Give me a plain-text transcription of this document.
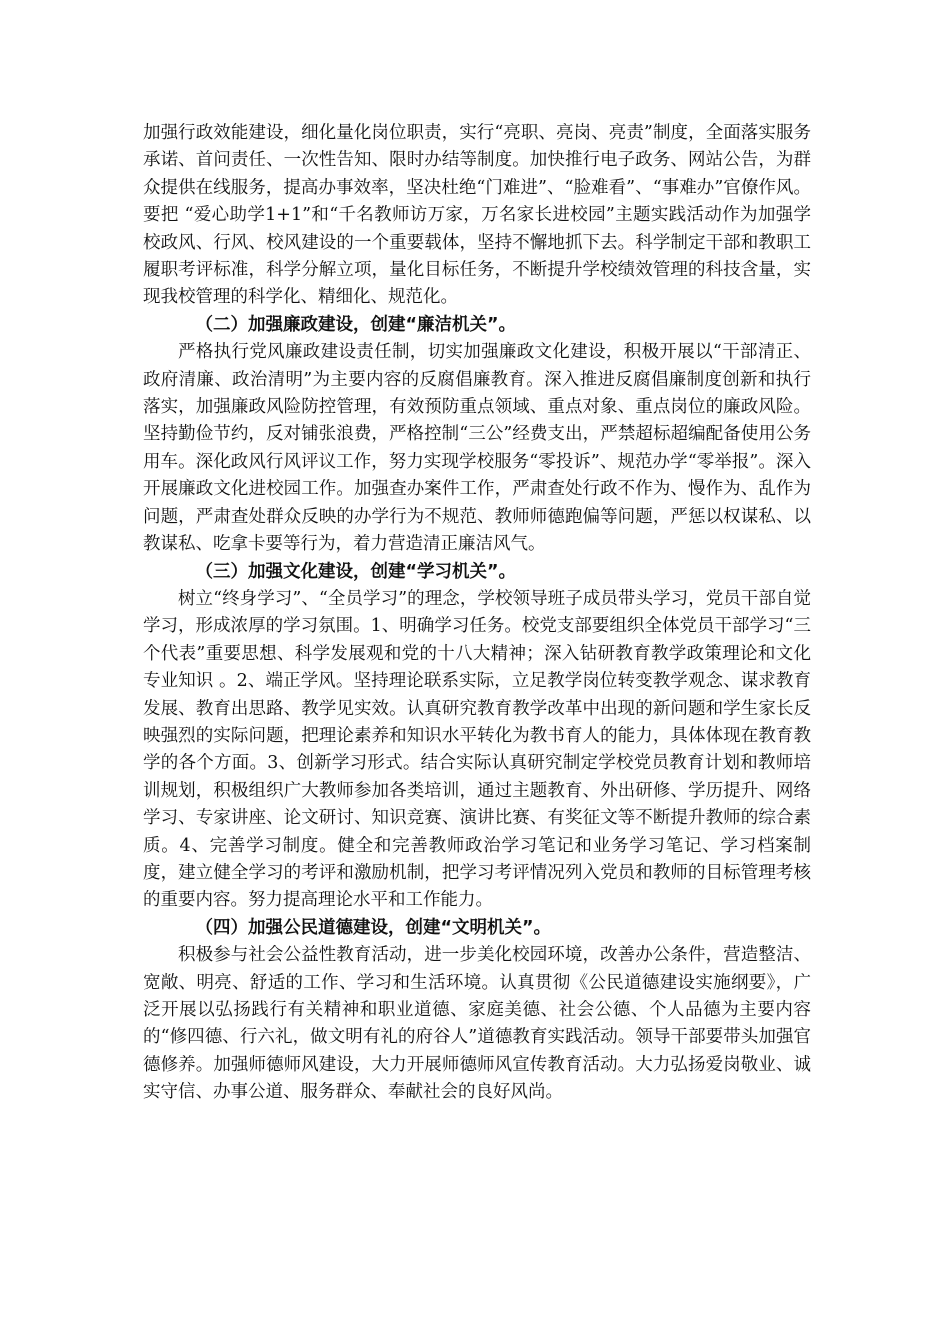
加强行政效能建设，细化量化岗位职责，实行“亮职、亮岗、亮责”制度，全面落实服务承诺、首问责任、一次性告知、限时办结等制度。加快推行电子政务、网站公告，为群众提供在线服务，提高办事效率，坚决杜绝“门难进”、“脸难看”、“事难办”官僚作风。要把 “爱心助学1+1”和“千名教师访万家，万名家长进校园”主题实践活动作为加强学校政风、行风、校风建设的一个重要载体，坚持不懈地抓下去。科学制定干部和教职工履职考评标准，科学分解立项，量化目标任务，不断提升学校绩效管理的科技含量，实现我校管理的科学化、精细化、规范化。

（二）加强廉政建设，创建“廉洁机关”。

严格执行党风廉政建设责任制，切实加强廉政文化建设，积极开展以“干部清正、政府清廉、政治清明”为主要内容的反腐倡廉教育。深入推进反腐倡廉制度创新和执行落实，加强廉政风险防控管理，有效预防重点领域、重点对象、重点岗位的廉政风险。坚持勤俭节约，反对铺张浪费，严格控制“三公”经费支出，严禁超标超编配备使用公务用车。深化政风行风评议工作，努力实现学校服务“零投诉”、规范办学“零举报”。深入开展廉政文化进校园工作。加强查办案件工作，严肃查处行政不作为、慢作为、乱作为问题，严肃查处群众反映的办学行为不规范、教师师德跑偏等问题，严惩以权谋私、以教谋私、吃拿卡要等行为，着力营造清正廉洁风气。

（三）加强文化建设，创建“学习机关”。

树立“终身学习”、“全员学习”的理念，学校领导班子成员带头学习，党员干部自觉学习，形成浓厚的学习氛围。1、明确学习任务。校党支部要组织全体党员干部学习“三个代表”重要思想、科学发展观和党的十八大精神；深入钻研教育教学政策理论和文化专业知识 。2、端正学风。坚持理论联系实际，立足教学岗位转变教学观念、谋求教育发展、教育出思路、教学见实效。认真研究教育教学改革中出现的新问题和学生家长反映强烈的实际问题，把理论素养和知识水平转化为教书育人的能力，具体体现在教育教学的各个方面。3、创新学习形式。结合实际认真研究制定学校党员教育计划和教师培训规划，积极组织广大教师参加各类培训，通过主题教育、外出研修、学历提升、网络学习、专家讲座、论文研讨、知识竞赛、演讲比赛、有奖征文等不断提升教师的综合素质。4、完善学习制度。健全和完善教师政治学习笔记和业务学习笔记、学习档案制度，建立健全学习的考评和激励机制，把学习考评情况列入党员和教师的目标管理考核的重要内容。努力提高理论水平和工作能力。

（四）加强公民道德建设，创建“文明机关”。

积极参与社会公益性教育活动，进一步美化校园环境，改善办公条件，营造整洁、宽敞、明亮、舒适的工作、学习和生活环境。认真贯彻《公民道德建设实施纲要》，广泛开展以弘扬践行有关精神和职业道德、家庭美德、社会公德、个人品德为主要内容的“修四德、行六礼，做文明有礼的府谷人”道德教育实践活动。领导干部要带头加强官德修养。加强师德师风建设，大力开展师德师风宣传教育活动。大力弘扬爱岗敬业、诚实守信、办事公道、服务群众、奉献社会的良好风尚。
